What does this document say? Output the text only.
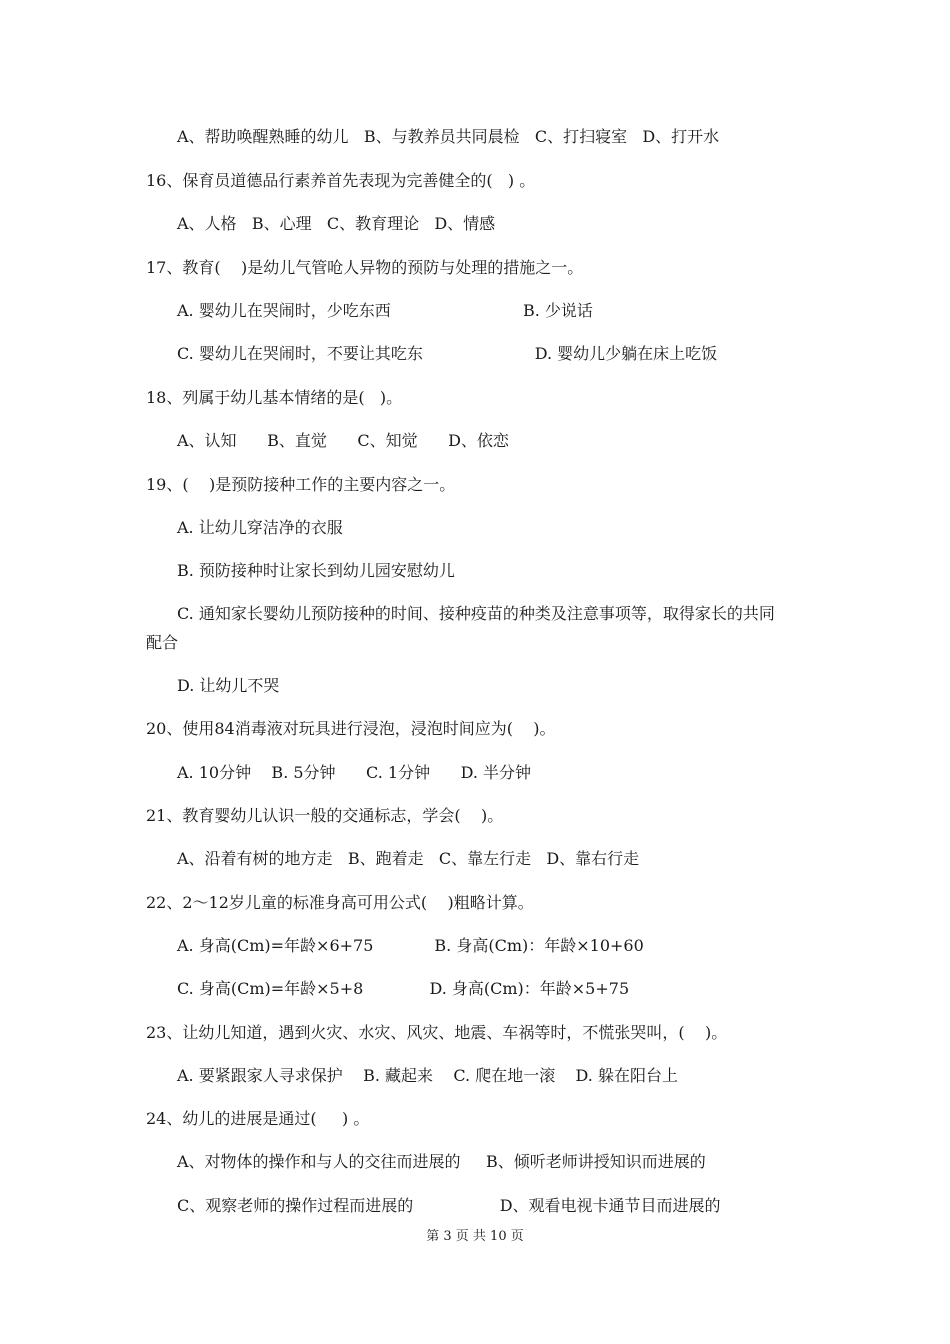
A、帮助唤醒熟睡的幼儿   B、与教养员共同晨检   C、打扫寝室   D、打开水
16、保育员道德品行素养首先表现为完善健全的(   ) 。
A、人格   B、心理   C、教育理论   D、情感
17、教育(    )是幼儿气管呛人异物的预防与处理的措施之一。
A. 婴幼儿在哭闹时，少吃东西                          B. 少说话
C. 婴幼儿在哭闹时，不要让其吃东                      D. 婴幼儿少躺在床上吃饭
18、列属于幼儿基本情绪的是(   )。
A、认知      B、直觉      C、知觉      D、依恋
19、(    )是预防接种工作的主要内容之一。
A. 让幼儿穿洁净的衣服
B. 预防接种时让家长到幼儿园安慰幼儿
C. 通知家长婴幼儿预防接种的时间、接种疫苗的种类及注意事项等，取得家长的共同
配合
D. 让幼儿不哭
20、使用84消毒液对玩具进行浸泡，浸泡时间应为(    )。
A. 10分钟    B. 5分钟      C. 1分钟      D. 半分钟
21、教育婴幼儿认识一般的交通标志，学会(    )。
A、沿着有树的地方走   B、跑着走   C、靠左行走   D、靠右行走
22、2～12岁儿童的标准身高可用公式(    )粗略计算。
A. 身高(Cm)=年龄×6+75            B. 身高(Cm)：年龄×10+60
C. 身高(Cm)=年龄×5+8             D. 身高(Cm)：年龄×5+75
23、让幼儿知道，遇到火灾、水灾、风灾、地震、车祸等时，不慌张哭叫，(    )。
A. 要紧跟家人寻求保护    B. 藏起来    C. 爬在地一滚    D. 躲在阳台上
24、幼儿的进展是通过(     ) 。
A、对物体的操作和与人的交往而进展的     B、倾听老师讲授知识而进展的
C、观察老师的操作过程而进展的                 D、观看电视卡通节目而进展的
第 3 页 共 10 页
